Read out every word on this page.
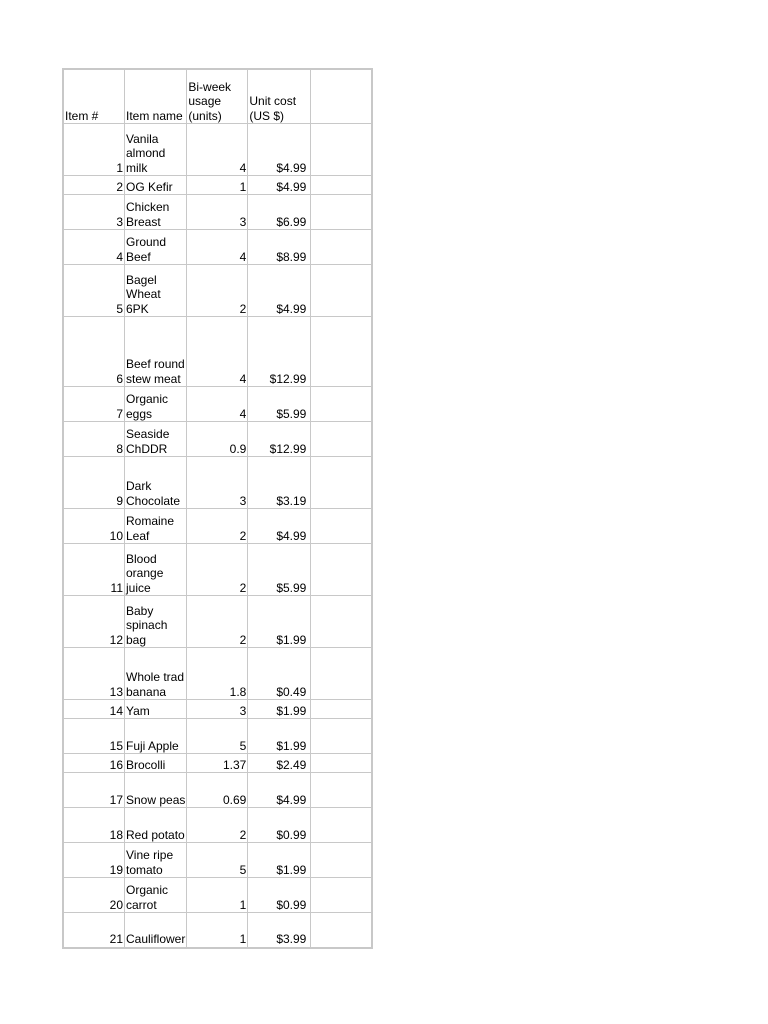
Item #	Item name	Bi-week usage (units)	Unit cost (US $)	
1	Vanila almond milk	4	$4.99	
2	OG Kefir	1	$4.99	
3	Chicken Breast	3	$6.99	
4	Ground Beef	4	$8.99	
5	Bagel Wheat 6PK	2	$4.99	
6	Beef round stew meat	4	$12.99	
7	Organic eggs	4	$5.99	
8	Seaside ChDDR	0.9	$12.99	
9	Dark Chocolate	3	$3.19	
10	Romaine Leaf	2	$4.99	
11	Blood orange juice	2	$5.99	
12	Baby spinach bag	2	$1.99	
13	Whole trad banana	1.8	$0.49	
14	Yam	3	$1.99	
15	Fuji Apple	5	$1.99	
16	Brocolli	1.37	$2.49	
17	Snow peas	0.69	$4.99	
18	Red potato	2	$0.99	
19	Vine ripe tomato	5	$1.99	
20	Organic carrot	1	$0.99	
21	Cauliflower	1	$3.99	
